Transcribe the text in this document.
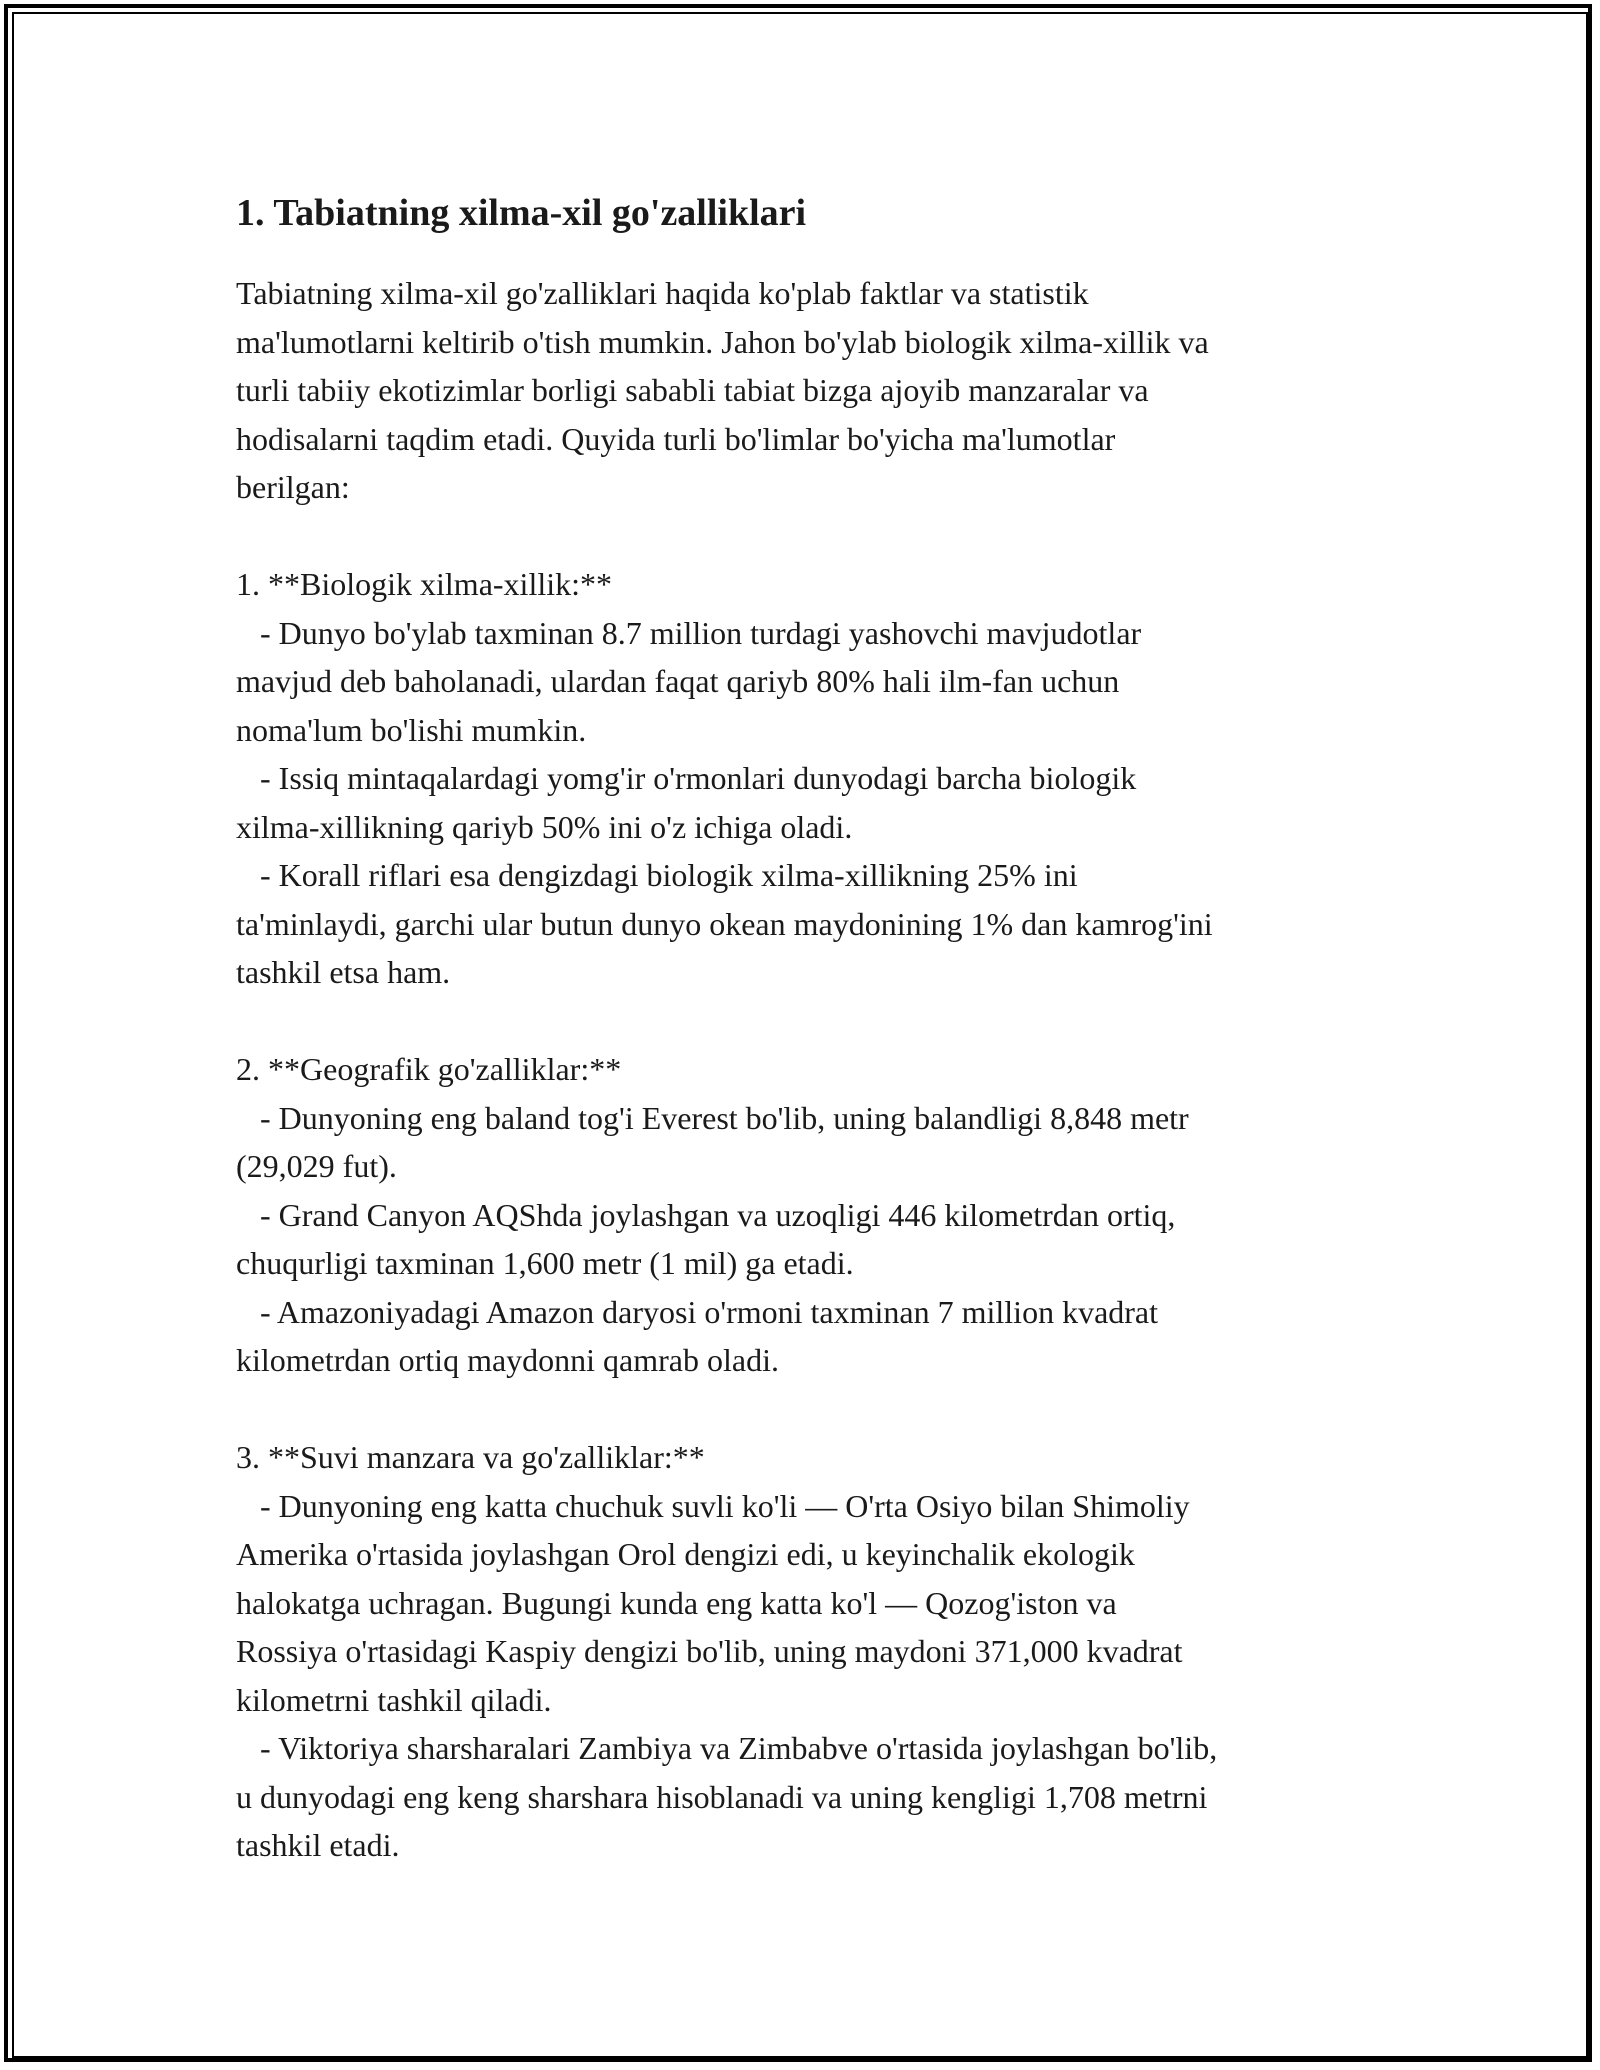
1. Tabiatning xilma-xil go'zalliklari

Tabiatning xilma-xil go'zalliklari haqida ko'plab faktlar va statistik

ma'lumotlarni keltirib o'tish mumkin. Jahon bo'ylab biologik xilma-xillik va

turli tabiiy ekotizimlar borligi sababli tabiat bizga ajoyib manzaralar va

hodisalarni taqdim etadi. Quyida turli bo'limlar bo'yicha ma'lumotlar

berilgan:

1. **Biologik xilma-xillik:**

- Dunyo bo'ylab taxminan 8.7 million turdagi yashovchi mavjudotlar

mavjud deb baholanadi, ulardan faqat qariyb 80% hali ilm-fan uchun

noma'lum bo'lishi mumkin.

- Issiq mintaqalardagi yomg'ir o'rmonlari dunyodagi barcha biologik

xilma-xillikning qariyb 50% ini o'z ichiga oladi.

- Korall riflari esa dengizdagi biologik xilma-xillikning 25% ini

ta'minlaydi, garchi ular butun dunyo okean maydonining 1% dan kamrog'ini

tashkil etsa ham.

2. **Geografik go'zalliklar:**

- Dunyoning eng baland tog'i Everest bo'lib, uning balandligi 8,848 metr

(29,029 fut).

- Grand Canyon AQShda joylashgan va uzoqligi 446 kilometrdan ortiq,

chuqurligi taxminan 1,600 metr (1 mil) ga etadi.

- Amazoniyadagi Amazon daryosi o'rmoni taxminan 7 million kvadrat

kilometrdan ortiq maydonni qamrab oladi.

3. **Suvi manzara va go'zalliklar:**

- Dunyoning eng katta chuchuk suvli ko'li — O'rta Osiyo bilan Shimoliy

Amerika o'rtasida joylashgan Orol dengizi edi, u keyinchalik ekologik

halokatga uchragan. Bugungi kunda eng katta ko'l — Qozog'iston va

Rossiya o'rtasidagi Kaspiy dengizi bo'lib, uning maydoni 371,000 kvadrat

kilometrni tashkil qiladi.

- Viktoriya sharsharalari Zambiya va Zimbabve o'rtasida joylashgan bo'lib,

u dunyodagi eng keng sharshara hisoblanadi va uning kengligi 1,708 metrni

tashkil etadi.
